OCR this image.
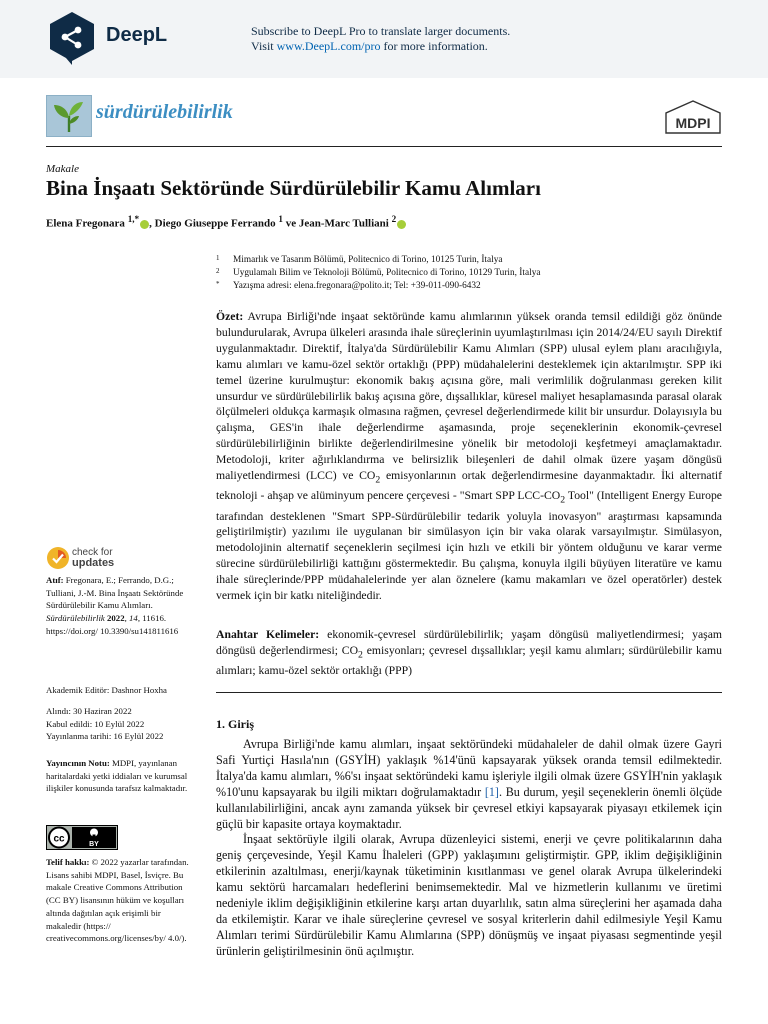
DeepL	Subscribe to DeepL Pro to translate larger documents.
Visit www.DeepL.com/pro for more information.
sürdürülebilirlik	MDPI
Makale
Bina İnşaatı Sektöründe Sürdürülebilir Kamu Alımları
Elena Fregonara $^{1,*}$ , Diego Giuseppe Ferrando $^1$ ve Jean-Marc Tulliani $^2$
1 Mimarlık ve Tasarım Bölümü, Politecnico di Torino, 10125 Turin, İtalya
2 Uygulamalı Bilim ve Teknoloji Bölümü, Politecnico di Torino, 10129 Turin, İtalya
* Yazışma adresi: elena.fregonara@polito.it; Tel: +39-011-090-6432
Özet: Avrupa Birliği'nde inşaat sektöründe kamu alımlarının yüksek oranda temsil edildiği göz önünde bulundurularak, Avrupa ülkeleri arasında ihale süreçlerinin uyumlaştırılması için 2014/24/EU sayılı Direktif uygulanmaktadır. Direktif, İtalya'da Sürdürülebilir Kamu Alımları (SPP) ulusal eylem planı aracılığıyla, kamu alımları ve kamu-özel sektör ortaklığı (PPP) müdahalelerini desteklemek için aktarılmıştır. SPP iki temel üzerine kurulmuştur: ekonomik bakış açısına göre, mali verimlilik doğrulanması gereken kilit unsurdur ve sürdürülebilirlik bakış açısına göre, dışsallıklar, küresel maliyet hesaplamasında parasal olarak ölçülmeleri oldukça karmaşık olmasına rağmen, çevresel değerlendirmede kilit bir unsurdur. Dolayısıyla bu çalışma, GES'in ihale değerlendirme aşamasında, proje seçeneklerinin ekonomik-çevresel sürdürülebilirliğinin birlikte değerlendirilmesine yönelik bir metodoloji keşfetmeyi amaçlamaktadır. Metodoloji, kriter ağırlıklandırma ve belirsizlik bileşenleri de dahil olmak üzere yaşam döngüsü maliyetlendirmesi (LCC) ve $CO_2$ emisyonlarının ortak değerlendirmesine dayanmaktadır. İki alternatif teknoloji - ahşap ve alüminyum pencere çerçevesi - "Smart SPP LCC-$CO_2$ Tool" (Intelligent Energy Europe tarafından desteklenen "Smart SPP-Sürdürülebilir tedarik yoluyla inovasyon" araştırması kapsamında geliştirilmiştir) yazılımı ile uygulanan bir simülasyon için bir vaka olarak varsayılmıştır. Simülasyon, metodolojinin alternatif seçeneklerin seçilmesi için hızlı ve etkili bir yöntem olduğunu ve karar verme sürecine sürdürülebilirliği kattığını göstermektedir. Bu çalışma, konuyla ilgili büyüyen literatüre ve kamu ihale süreçlerinde/PPP müdahalelerinde yer alan öznelere (kamu makamları ve özel operatörler) destek vermek için bir katkı niteliğindedir.
Anahtar Kelimeler: ekonomik-çevresel sürdürülebilirlik; yaşam döngüsü maliyetlendirmesi; yaşam döngüsü değerlendirmesi; $CO_2$ emisyonları; çevresel dışsallıklar; yeşil kamu alımları; sürdürülebilir kamu alımları; kamu-özel sektör ortaklığı (PPP)
1. Giriş

Avrupa Birliği'nde kamu alımları, inşaat sektöründeki müdahaleler de dahil olmak üzere Gayri Safi Yurtiçi Hasıla'nın (GSYİH) yaklaşık %14'ünü kapsayarak yüksek oranda temsil edilmektedir. İtalya'da kamu alımları, %6'sı inşaat sektöründeki kamu işleriyle ilgili olmak üzere GSYİH'nin yaklaşık %10'unu kapsayarak bu ilgili miktarı doğrulamaktadır [1]. Bu durum, yeşil seçeneklerin önemli ölçüde kullanılabilirliğini, ancak aynı zamanda yüksek bir çevresel etkiyi kapsayarak piyasayı etkilemek için güçlü bir kapasite ortaya koymaktadır.

İnşaat sektörüyle ilgili olarak, Avrupa düzenleyici sistemi, enerji ve çevre politikalarının daha geniş çerçevesinde, Yeşil Kamu İhaleleri (GPP) yaklaşımını geliştirmiştir. GPP, iklim değişikliğinin etkilerinin azaltılması, enerji/kaynak tüketiminin kısıtlanması ve genel olarak Avrupa ülkelerindeki kamu sektörü harcamaları hedeflerini benimsemektedir. Mal ve hizmetlerin kullanımı ve üretimi nedeniyle iklim değişikliğinin etkilerine karşı artan duyarlılık, satın alma süreçlerini her aşamada daha da etkilemiştir. Karar ve ihale süreçlerine çevresel ve sosyal kriterlerin dahil edilmesiyle Yeşil Kamu Alımları terimi Sürdürülebilir Kamu Alımlarına (SPP) dönüşmüş ve inşaat piyasası segmentinde yeşil ürünlerin geliştirilmesinin önü açılmıştır.

check for
updates
Atıf: Fregonara, E.; Ferrando, D.G.; Tulliani, J.-M. Bina İnşaatı Sektöründe Sürdürülebilir Kamu Alımları. Sürdürülebilirlik 2022, 14, 11616. https://doi.org/ 10.3390/su141811616
Akademik Editör: Dashnor Hoxha
Alındı: 30 Haziran 2022
Kabul edildi: 10 Eylül 2022
Yayınlanma tarihi: 16 Eylül 2022
Yayıncının Notu: MDPI, yayınlanan haritalardaki yetki iddiaları ve kurumsal ilişkiler konusunda tarafsız kalmaktadır.
cc	BY
Telif hakkı: © 2022 yazarlar tarafından. Lisans sahibi MDPI, Basel, İsviçre. Bu makale Creative Commons Attribution (CC BY) lisansının hüküm ve koşulları altında dağıtılan açık erişimli bir makaledir (https:// creativecommons.org/licenses/by/ 4.0/).
